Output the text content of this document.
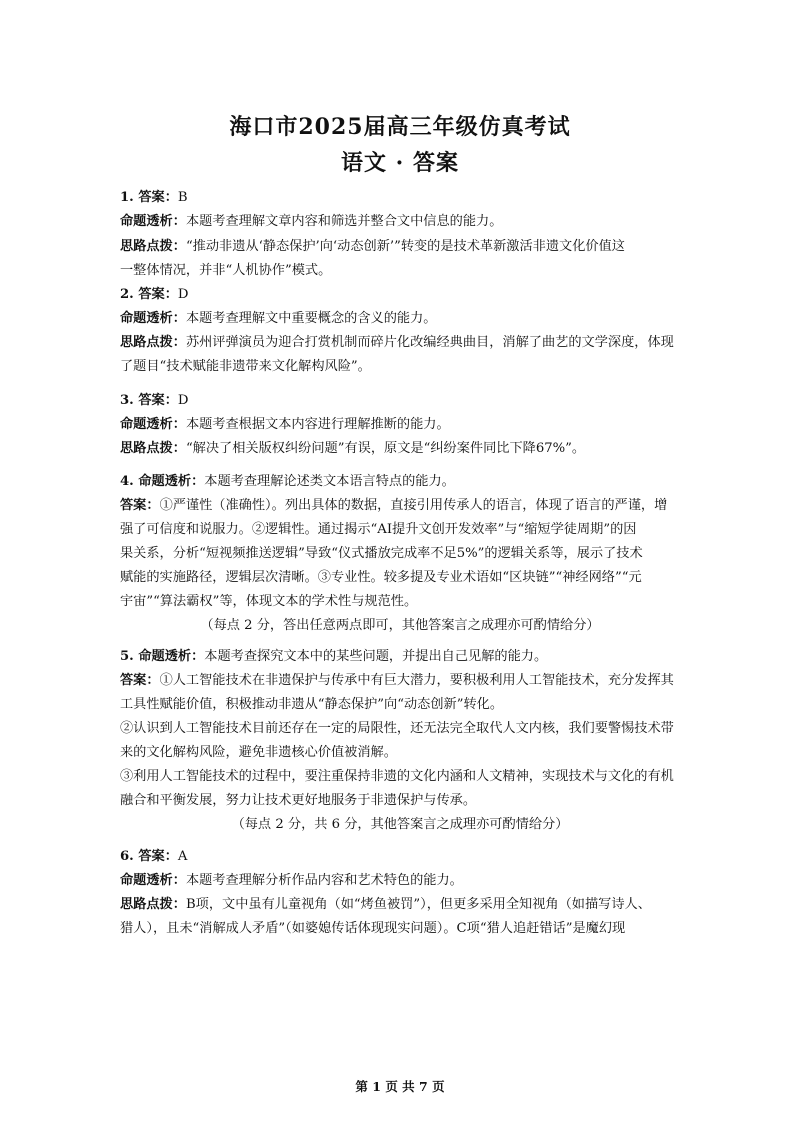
海口市2025届高三年级仿真考试
语文 · 答案
1. 答案：B
命题透析：本题考查理解文章内容和筛选并整合文中信息的能力。
思路点拨：“推动非遗从‘静态保护’向‘动态创新’”转变的是技术革新激活非遗文化价值这
一整体情况，并非“人机协作”模式。
2. 答案：D
命题透析：本题考查理解文中重要概念的含义的能力。
思路点拨：苏州评弹演员为迎合打赏机制而碎片化改编经典曲目，消解了曲艺的文学深度，体现
了题目“技术赋能非遗带来文化解构风险”。
3. 答案：D
命题透析：本题考查根据文本内容进行理解推断的能力。
思路点拨：“解决了相关版权纠纷问题”有误，原文是“纠纷案件同比下降67%”。
4. 命题透析：本题考查理解论述类文本语言特点的能力。
答案：①严谨性（准确性）。列出具体的数据，直接引用传承人的语言，体现了语言的严谨，增
强了可信度和说服力。②逻辑性。通过揭示“AI提升文创开发效率”与“缩短学徒周期”的因
果关系，分析“短视频推送逻辑”导致“仪式播放完成率不足5%”的逻辑关系等，展示了技术
赋能的实施路径，逻辑层次清晰。③专业性。较多提及专业术语如“区块链”“神经网络”“元
宇宙”“算法霸权”等，体现文本的学术性与规范性。
（每点 2 分，答出任意两点即可，其他答案言之成理亦可酌情给分）
5. 命题透析：本题考查探究文本中的某些问题，并提出自己见解的能力。
答案：①人工智能技术在非遗保护与传承中有巨大潜力，要积极利用人工智能技术，充分发挥其
工具性赋能价值，积极推动非遗从“静态保护”向“动态创新”转化。
②认识到人工智能技术目前还存在一定的局限性，还无法完全取代人文内核，我们要警惕技术带
来的文化解构风险，避免非遗核心价值被消解。
③利用人工智能技术的过程中，要注重保持非遗的文化内涵和人文精神，实现技术与文化的有机
融合和平衡发展，努力让技术更好地服务于非遗保护与传承。
（每点 2 分，共 6 分，其他答案言之成理亦可酌情给分）
6. 答案：A
命题透析：本题考查理解分析作品内容和艺术特色的能力。
思路点拨：B项，文中虽有儿童视角（如“烤鱼被罚”），但更多采用全知视角（如描写诗人、
猎人），且未“消解成人矛盾”（如婆媳传话体现现实问题）。C项“猎人追赶错话”是魔幻现
第 1 页 共 7 页
